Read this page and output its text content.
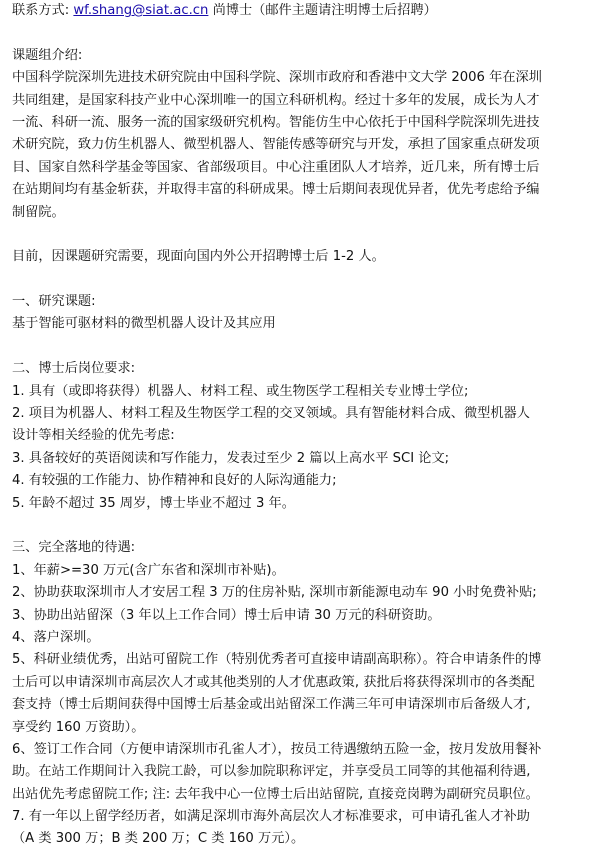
联系方式: wf.shang@siat.ac.cn 尚博士（邮件主题请注明博士后招聘）
课题组介绍:
中国科学院深圳先进技术研究院由中国科学院、深圳市政府和香港中文大学 2006 年在深圳
共同组建，是国家科技产业中心深圳唯一的国立科研机构。经过十多年的发展，成长为人才
一流、科研一流、服务一流的国家级研究机构。智能仿生中心依托于中国科学院深圳先进技
术研究院，致力仿生机器人、微型机器人、智能传感等研究与开发，承担了国家重点研发项
目、国家自然科学基金等国家、省部级项目。中心注重团队人才培养，近几来，所有博士后
在站期间均有基金斩获，并取得丰富的科研成果。博士后期间表现优异者，优先考虑给予编
制留院。
目前，因课题研究需要，现面向国内外公开招聘博士后 1-2 人。
一、研究课题:
基于智能可驱材料的微型机器人设计及其应用
二、博士后岗位要求:
1. 具有（或即将获得）机器人、材料工程、或生物医学工程相关专业博士学位;
2. 项目为机器人、材料工程及生物医学工程的交叉领域。具有智能材料合成、微型机器人
设计等相关经验的优先考虑:
3. 具备较好的英语阅读和写作能力，发表过至少 2 篇以上高水平 SCI 论文;
4. 有较强的工作能力、协作精神和良好的人际沟通能力;
5. 年龄不超过 35 周岁，博士毕业不超过 3 年。
三、完全落地的待遇:
1、年薪>=30 万元(含广东省和深圳市补贴)。
2、协助获取深圳市人才安居工程 3 万的住房补贴, 深圳市新能源电动车 90 小时免费补贴;
3、协助出站留深（3 年以上工作合同）博士后申请 30 万元的科研资助。
4、落户深圳。
5、科研业绩优秀，出站可留院工作（特别优秀者可直接申请副高职称）。符合申请条件的博
士后可以申请深圳市高层次人才或其他类别的人才优惠政策, 获批后将获得深圳市的各类配
套支持（博士后期间获得中国博士后基金或出站留深工作满三年可申请深圳市后备级人才,
享受约 160 万资助）。
6、签订工作合同（方便申请深圳市孔雀人才），按员工待遇缴纳五险一金，按月发放用餐补
助。在站工作期间计入我院工龄，可以参加院职称评定，并享受员工同等的其他福利待遇,
出站优先考虑留院工作; 注: 去年我中心一位博士后出站留院, 直接竞岗聘为副研究员职位。
7. 有一年以上留学经历者，如满足深圳市海外高层次人才标准要求，可申请孔雀人才补助
（A 类 300 万；B 类 200 万；C 类 160 万元）。
